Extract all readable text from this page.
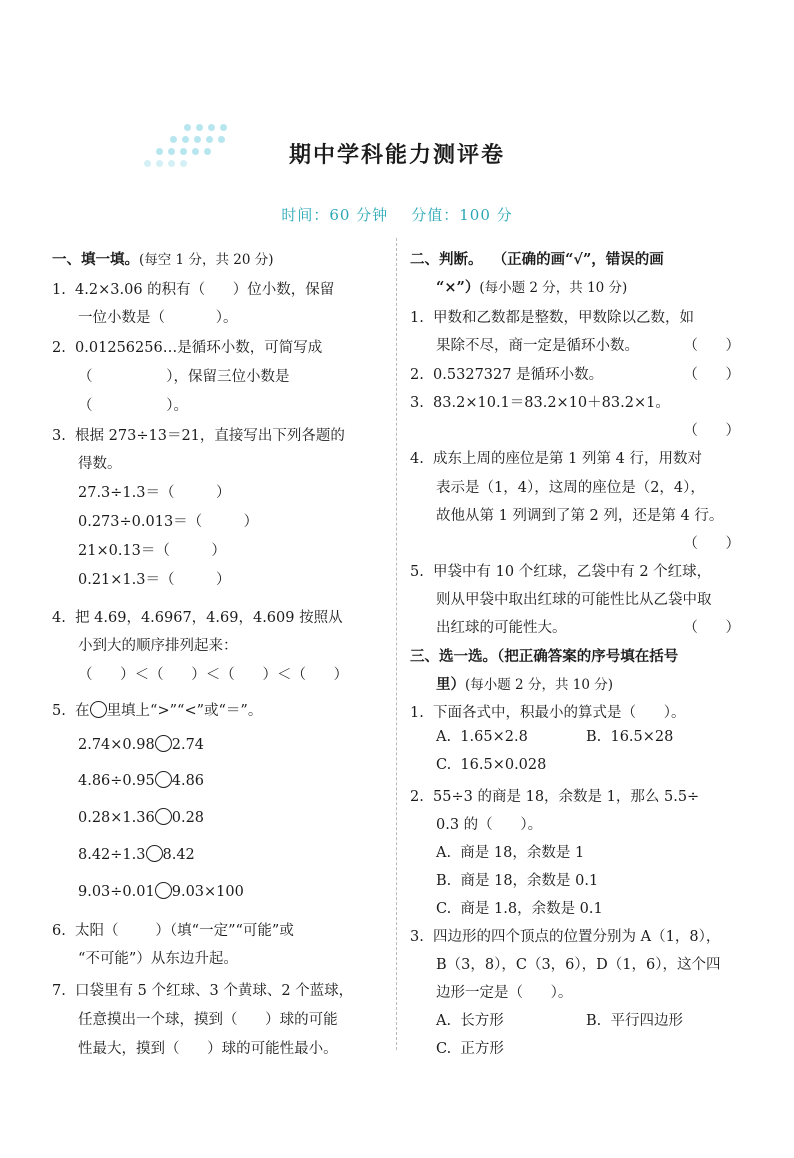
期中学科能力测评卷
时间：60 分钟    分值：100 分
一、填一填。(每空 1 分，共 20 分)
1.  4.2×3.06 的积有（      ）位小数，保留
一位小数是（           ）。
2.  0.01256256…是循环小数，可简写成
（                ），保留三位小数是
（                ）。
3.  根据 273÷13＝21，直接写出下列各题的
得数。
27.3÷1.3＝（         ）
0.273÷0.013＝（         ）
21×0.13＝（         ）
0.21×1.3＝（         ）
4.  把 4.69，4.6967，4.69，4.609 按照从
小到大的顺序排列起来：
（      ）＜（      ）＜（      ）＜（      ）
5.  在 里填上“>”“<”或“＝”。
2.74×0.98 2.74
4.86÷0.95 4.86
0.28×1.36 0.28
8.42÷1.3 8.42
9.03÷0.01 9.03×100
6.  太阳（        ）（填“一定”“可能”或
“不可能”）从东边升起。
7.  口袋里有 5 个红球、3 个黄球、2 个蓝球，
任意摸出一个球，摸到（      ）球的可能
性最大，摸到（      ）球的可能性最小。
二、判断。  （正确的画“√”，错误的画
“×”）(每小题 2 分，共 10 分)
1.  甲数和乙数都是整数，甲数除以乙数，如
果除不尽，商一定是循环小数。	（      ）
2.  0.5327327 是循环小数。	（      ）
3.  83.2×10.1＝83.2×10＋83.2×1。
（      ）
4.  成东上周的座位是第 1 列第 4 行，用数对
表示是（1，4），这周的座位是（2，4），
故他从第 1 列调到了第 2 列，还是第 4 行。
（      ）
5.  甲袋中有 10 个红球，乙袋中有 2 个红球，
则从甲袋中取出红球的可能性比从乙袋中取
出红球的可能性大。	（      ）
三、选一选。（把正确答案的序号填在括号
里）(每小题 2 分，共 10 分)
1.  下面各式中，积最小的算式是（      ）。
A.  1.65×2.8	B.  16.5×28
C.  16.5×0.028
2.  55÷3 的商是 18，余数是 1，那么 5.5÷
0.3 的（      ）。
A.  商是 18，余数是 1
B.  商是 18，余数是 0.1
C.  商是 1.8，余数是 0.1
3.  四边形的四个顶点的位置分别为 A（1，8），
B（3，8），C（3，6），D（1，6），这个四
边形一定是（      ）。
A.  长方形	B.  平行四边形
C.  正方形
